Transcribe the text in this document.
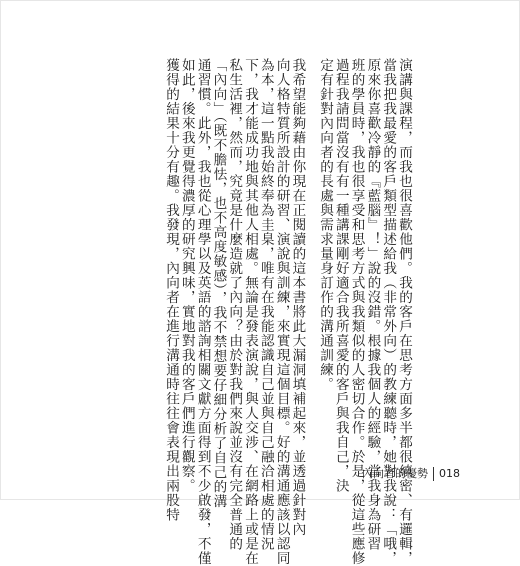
演講與課程，而我也很喜歡他們。我的客戶在思考方面多半都很縝密、有邏輯，
當我把我最愛的客戶類型描述給我（非常外向）的教練聽時，她對我說：「哦，
原來你喜歡冷靜的『藍腦』！」說的沒錯。根據我個人的經驗，當我身為研習
班的學員時，我也很享受和思考方式與我類似的人密切合作。於是，從這些應修
過程我請問當沒有有一種講課剛好適合我所喜愛的客戶與我自己，決
定有針對內向者的長處與需求量身訂作的溝通訓練。
我希望能夠藉由你現在正閱讀的這本書將此大漏洞填補起來，並透過針對內
向人格特質所設計的研習、演說與訓練，來實現這個目標。好的溝通應該以認同
為本，這一點我始終奉為圭臬，唯有在我能認識自己並與自己融洽相處的情況
下，我才能成功地與其他人相處。無論是發表演說，與人交涉、在網路上或是在
私生活裡，然而，究竟是什麼造就了內向？由於對我們來說並沒有完全普通的
「內向」（既不膽怯，也不高度敏感），我不禁想要仔細分析了自己的溝
通習慣。此外，我也從心理學以及英語的諮詢相關文獻方面得到不少啟發，不僅
如此，後來我更覺得濃厚的研究興味，實地對我的客戶們進行觀察。
獲得的結果十分有趣。我發現，內向者在進行溝通時往往會表現出兩股特	內向者的優勢	018
